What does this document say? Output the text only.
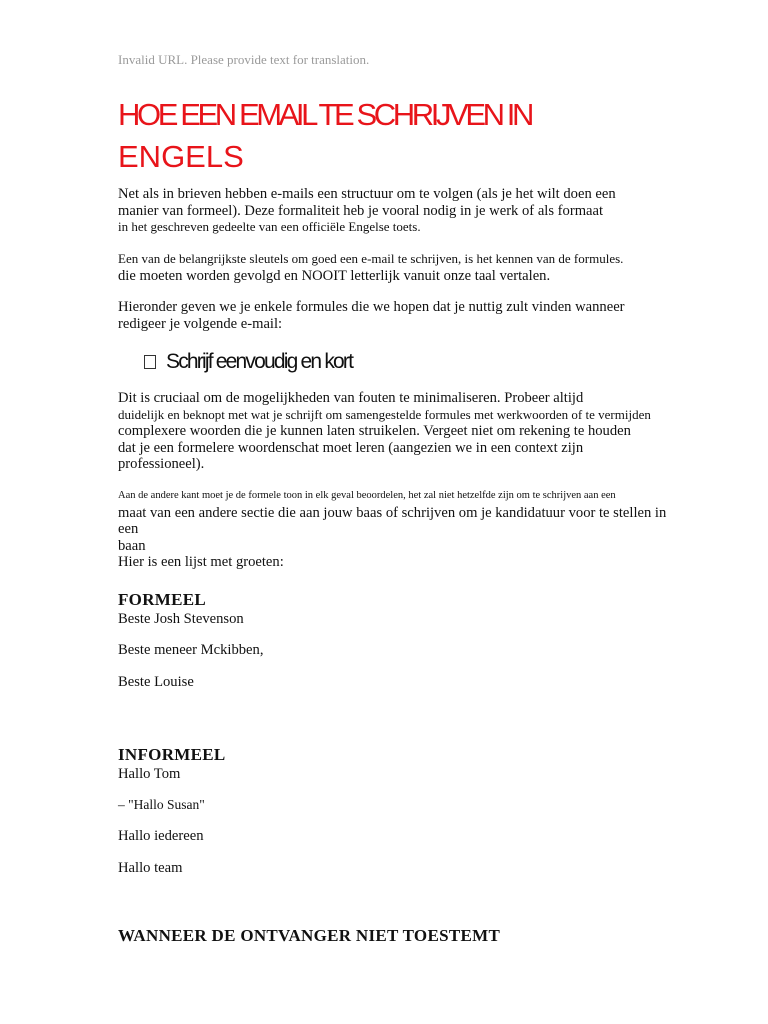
Invalid URL. Please provide text for translation.
HOE EEN EMAIL TE SCHRIJVEN IN
ENGELS
Net als in brieven hebben e-mails een structuur om te volgen (als je het wilt doen een
manier van formeel). Deze formaliteit heb je vooral nodig in je werk of als formaat
in het geschreven gedeelte van een officiële Engelse toets.
Een van de belangrijkste sleutels om goed een e-mail te schrijven, is het kennen van de formules.
die moeten worden gevolgd en NOOIT letterlijk vanuit onze taal vertalen.
Hieronder geven we je enkele formules die we hopen dat je nuttig zult vinden wanneer
redigeer je volgende e-mail:
Schrijf eenvoudig en kort
Dit is cruciaal om de mogelijkheden van fouten te minimaliseren. Probeer altijd
duidelijk en beknopt met wat je schrijft om samengestelde formules met werkwoorden of te vermijden
complexere woorden die je kunnen laten struikelen. Vergeet niet om rekening te houden
dat je een formelere woordenschat moet leren (aangezien we in een context zijn
professioneel).
Aan de andere kant moet je de formele toon in elk geval beoordelen, het zal niet hetzelfde zijn om te schrijven aan een
maat van een andere sectie die aan jouw baas of schrijven om je kandidatuur voor te stellen in een
baan
Hier is een lijst met groeten:
FORMEEL
Beste Josh Stevenson
Beste meneer Mckibben,
Beste Louise
INFORMEEL
Hallo Tom
– "Hallo Susan"
Hallo iedereen
Hallo team
WANNEER DE ONTVANGER NIET TOESTEMT
